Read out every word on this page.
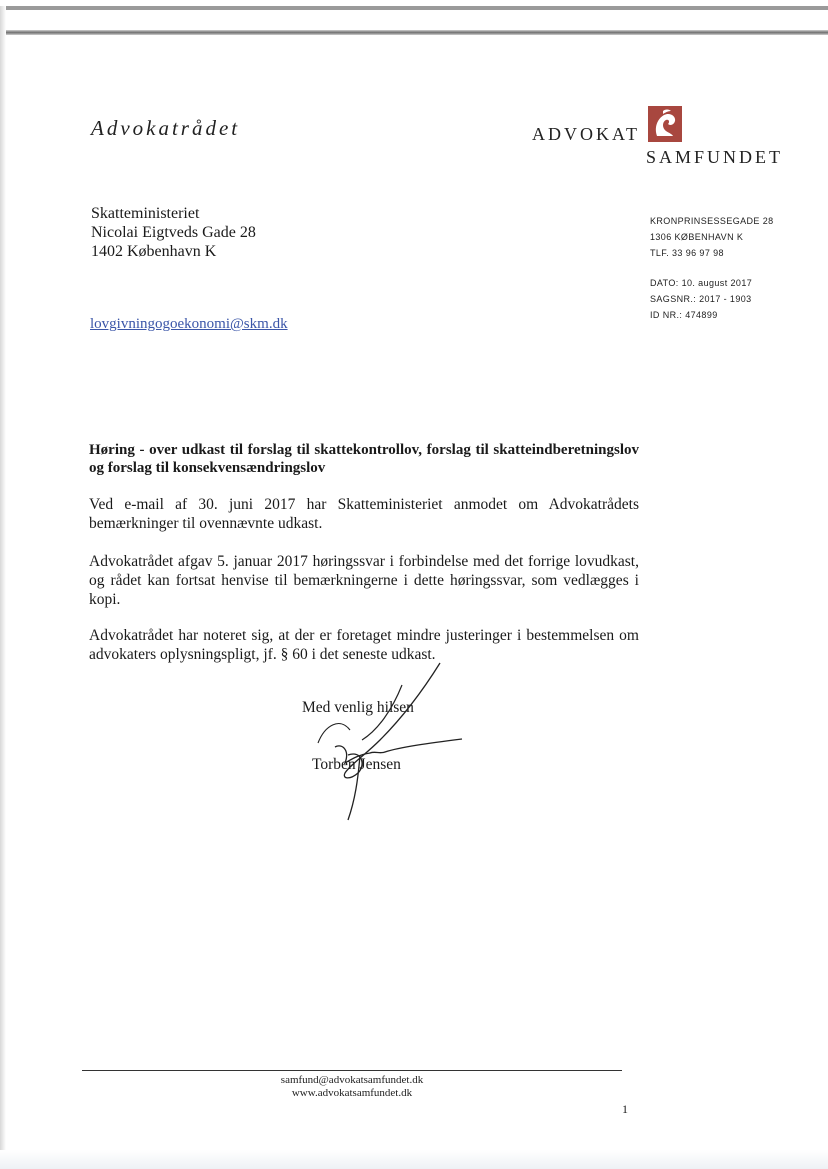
Advokatrådet	ADVOKAT
SAMFUNDET
Skatteministeriet
Nicolai Eigtveds Gade 28
1402 København K
KRONPRINSESSEGADE 28
1306 KØBENHAVN K
TLF. 33 96 97 98
DATO: 10. august 2017
SAGSNR.: 2017 - 1903
ID NR.: 474899
lovgivningogoekonomi@skm.dk
Høring - over udkast til forslag til skattekontrollov, forslag til skatteindberetningslov og forslag til konsekvensændringslov
Ved e-mail af 30. juni 2017 har Skatteministeriet anmodet om Advokatrådets bemærkninger til ovennævnte udkast.
Advokatrådet afgav 5. januar 2017 høringssvar i forbindelse med det forrige lovudkast, og rådet kan fortsat henvise til bemærkningerne i dette høringssvar, som vedlægges i kopi.
Advokatrådet har noteret sig, at der er foretaget mindre justeringer i bestemmelsen om advokaters oplysningspligt, jf. § 60 i det seneste udkast.
Med venlig hilsen
Torben Jensen
samfund@advokatsamfundet.dk
www.advokatsamfundet.dk
1
